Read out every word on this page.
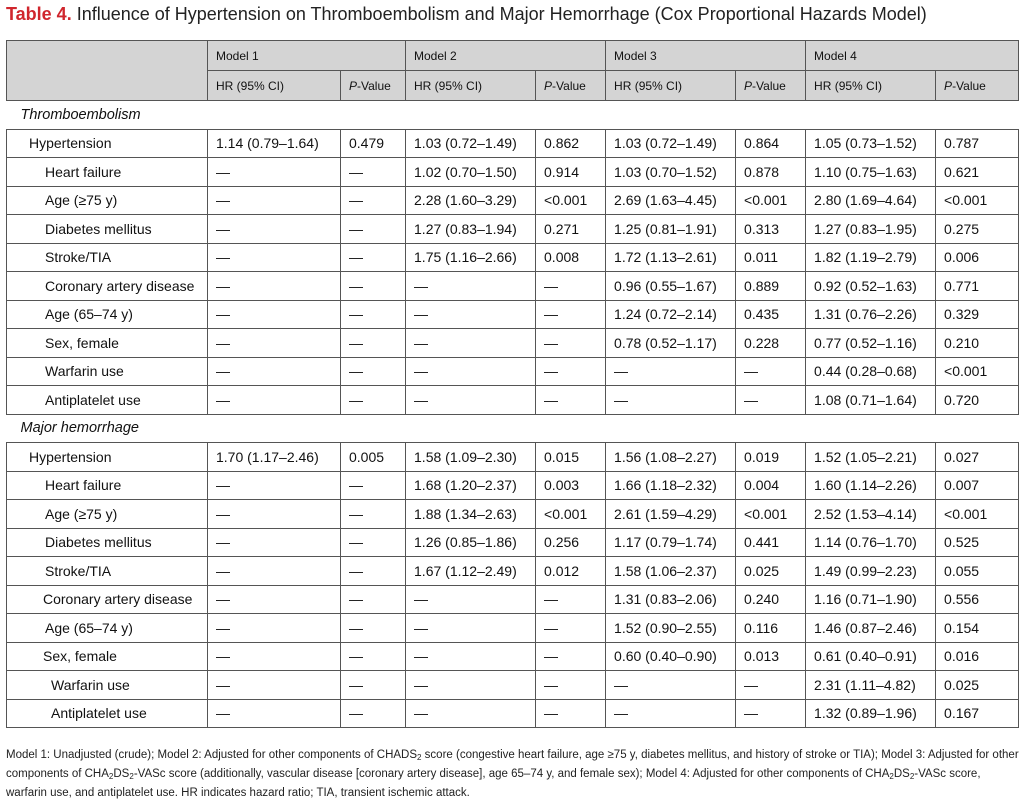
Table 4. Influence of Hypertension on Thromboembolism and Major Hemorrhage (Cox Proportional Hazards Model)
	Model 1		Model 2		Model 3		Model 4	
	HR (95% CI)	P-Value	HR (95% CI)	P-Value	HR (95% CI)	P-Value	HR (95% CI)	P-Value
Thromboembolism								
Hypertension	1.14 (0.79–1.64)	0.479	1.03 (0.72–1.49)	0.862	1.03 (0.72–1.49)	0.864	1.05 (0.73–1.52)	0.787
Heart failure	—	—	1.02 (0.70–1.50)	0.914	1.03 (0.70–1.52)	0.878	1.10 (0.75–1.63)	0.621
Age (≥75 y)	—	—	2.28 (1.60–3.29)	<0.001	2.69 (1.63–4.45)	<0.001	2.80 (1.69–4.64)	<0.001
Diabetes mellitus	—	—	1.27 (0.83–1.94)	0.271	1.25 (0.81–1.91)	0.313	1.27 (0.83–1.95)	0.275
Stroke/TIA	—	—	1.75 (1.16–2.66)	0.008	1.72 (1.13–2.61)	0.011	1.82 (1.19–2.79)	0.006
Coronary artery disease	—	—	—	—	0.96 (0.55–1.67)	0.889	0.92 (0.52–1.63)	0.771
Age (65–74 y)	—	—	—	—	1.24 (0.72–2.14)	0.435	1.31 (0.76–2.26)	0.329
Sex, female	—	—	—	—	0.78 (0.52–1.17)	0.228	0.77 (0.52–1.16)	0.210
Warfarin use	—	—	—	—	—	—	0.44 (0.28–0.68)	<0.001
Antiplatelet use	—	—	—	—	—	—	1.08 (0.71–1.64)	0.720
Major hemorrhage								
Hypertension	1.70 (1.17–2.46)	0.005	1.58 (1.09–2.30)	0.015	1.56 (1.08–2.27)	0.019	1.52 (1.05–2.21)	0.027
Heart failure	—	—	1.68 (1.20–2.37)	0.003	1.66 (1.18–2.32)	0.004	1.60 (1.14–2.26)	0.007
Age (≥75 y)	—	—	1.88 (1.34–2.63)	<0.001	2.61 (1.59–4.29)	<0.001	2.52 (1.53–4.14)	<0.001
Diabetes mellitus	—	—	1.26 (0.85–1.86)	0.256	1.17 (0.79–1.74)	0.441	1.14 (0.76–1.70)	0.525
Stroke/TIA	—	—	1.67 (1.12–2.49)	0.012	1.58 (1.06–2.37)	0.025	1.49 (0.99–2.23)	0.055
Coronary artery disease	—	—	—	—	1.31 (0.83–2.06)	0.240	1.16 (0.71–1.90)	0.556
Age (65–74 y)	—	—	—	—	1.52 (0.90–2.55)	0.116	1.46 (0.87–2.46)	0.154
Sex, female	—	—	—	—	0.60 (0.40–0.90)	0.013	0.61 (0.40–0.91)	0.016
Warfarin use	—	—	—	—	—	—	2.31 (1.11–4.82)	0.025
Antiplatelet use	—	—	—	—	—	—	1.32 (0.89–1.96)	0.167
Model 1: Unadjusted (crude); Model 2: Adjusted for other components of $CHADS_2$ score (congestive heart failure, age ≥75 y, diabetes mellitus, and history of stroke or TIA); Model 3: Adjusted for other components of $CHA_2DS_2$-VASc score (additionally, vascular disease [coronary artery disease], age 65–74 y, and female sex); Model 4: Adjusted for other components of $CHA_2DS_2$-VASc score, warfarin use, and antiplatelet use. HR indicates hazard ratio; TIA, transient ischemic attack.
